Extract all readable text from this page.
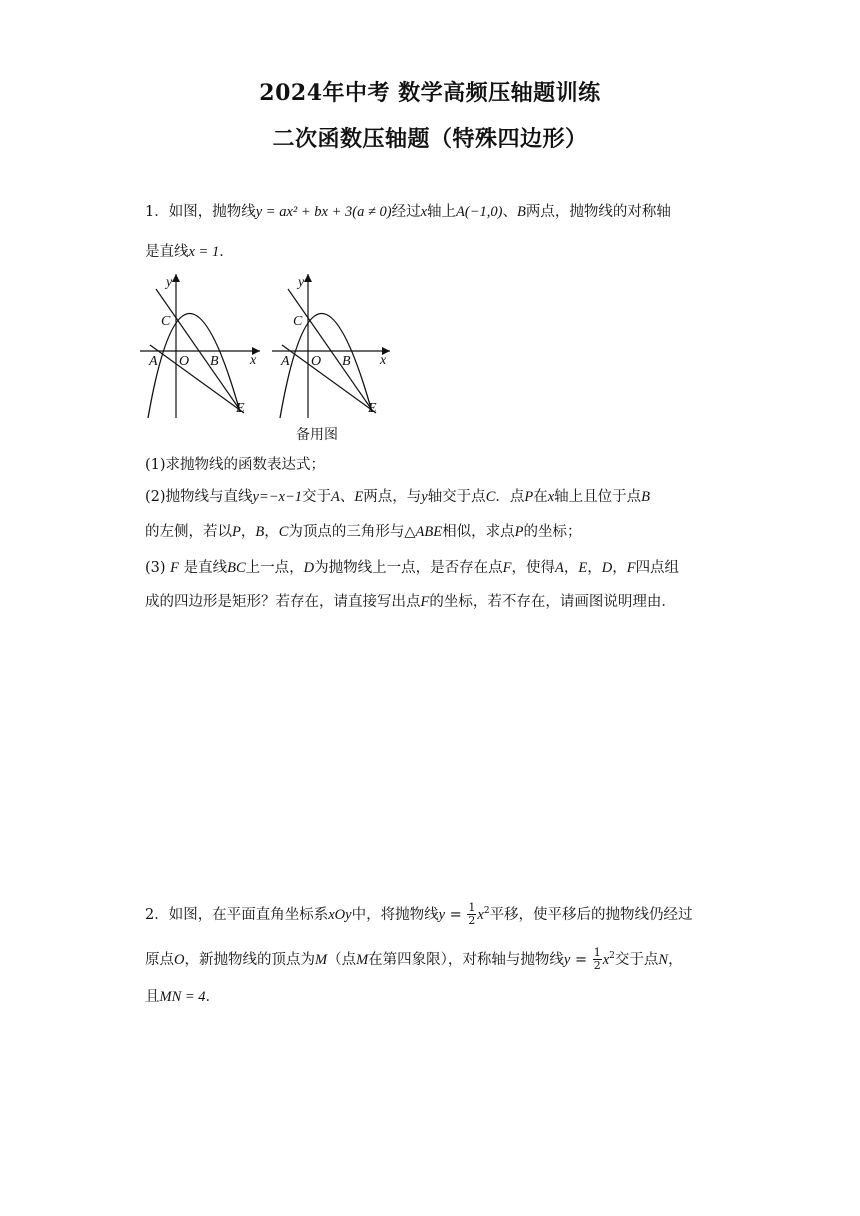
2024年中考 数学高频压轴题训练
二次函数压轴题（特殊四边形）
1．如图，抛物线y = ax² + bx + 3(a ≠ 0)经过x轴上A(−1,0)、B两点，抛物线的对称轴
是直线x = 1．
y
x
C
A O B
E
y
x
C
A O B
E
备用图
(1)求抛物线的函数表达式；
(2)抛物线与直线y=−x−1交于A、E两点，与y轴交于点C．点P在x轴上且位于点B
的左侧，若以P，B，C为顶点的三角形与△ABE相似，求点P的坐标；
(3) F 是直线BC上一点，D为抛物线上一点，是否存在点F，使得A，E，D，F四点组
成的四边形是矩形？若存在，请直接写出点F的坐标，若不存在，请画图说明理由．
2．如图，在平面直角坐标系xOy中，将抛物线$y = \frac{1}{2} x^2$平移，使平移后的抛物线仍经过
原点O，新抛物线的顶点为M（点M在第四象限），对称轴与抛物线$y = \frac{1}{2} x^2$交于点N，
且MN = 4．
